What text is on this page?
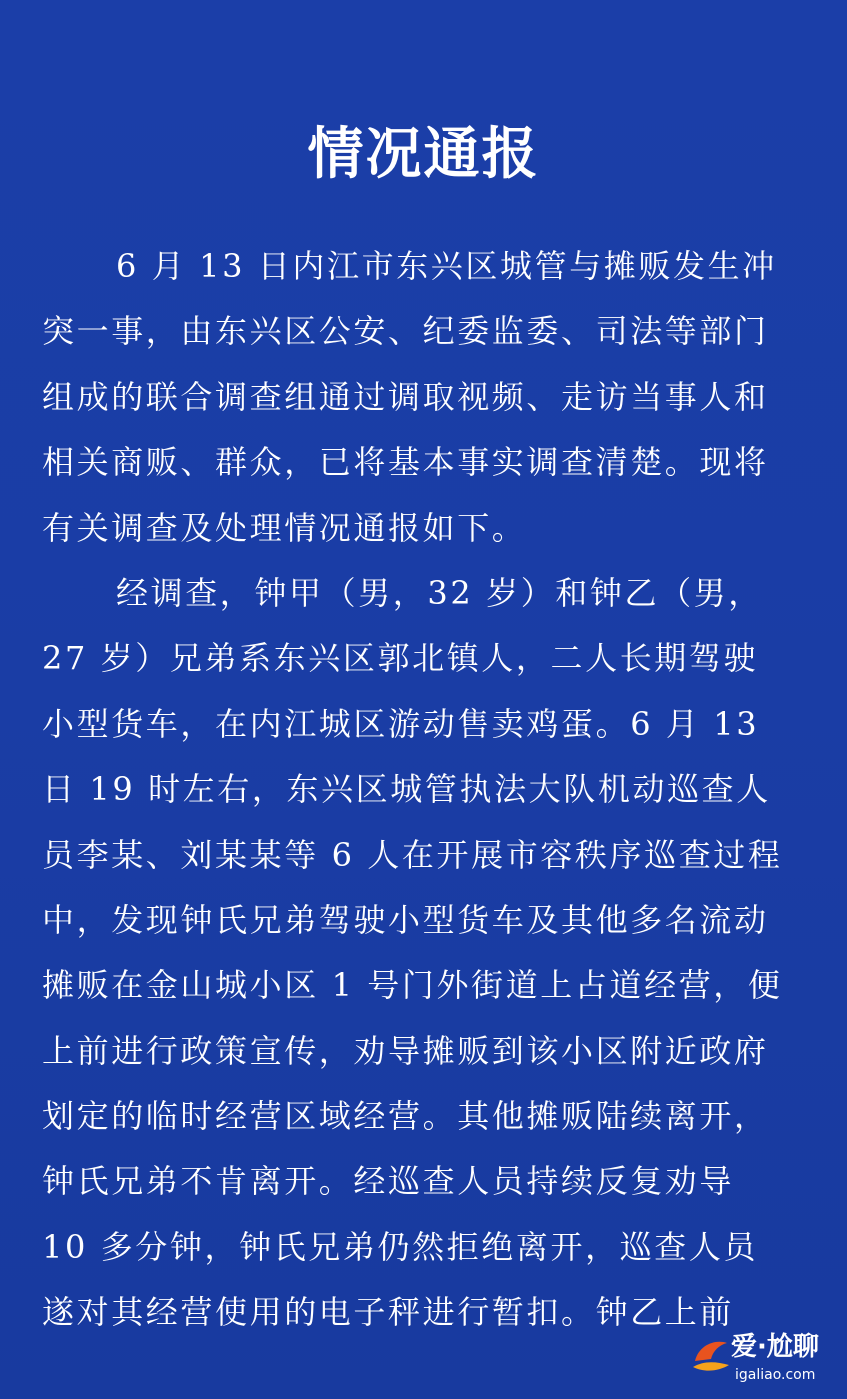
情况通报
6 月 13 日内江市东兴区城管与摊贩发生冲
突一事，由东兴区公安、纪委监委、司法等部门
组成的联合调查组通过调取视频、走访当事人和
相关商贩、群众，已将基本事实调查清楚。现将
有关调查及处理情况通报如下。
经调查，钟甲（男，32 岁）和钟乙（男，
27 岁）兄弟系东兴区郭北镇人，二人长期驾驶
小型货车，在内江城区游动售卖鸡蛋。6 月 13
日 19 时左右，东兴区城管执法大队机动巡查人
员李某、刘某某等 6 人在开展市容秩序巡查过程
中，发现钟氏兄弟驾驶小型货车及其他多名流动
摊贩在金山城小区 1 号门外街道上占道经营，便
上前进行政策宣传，劝导摊贩到该小区附近政府
划定的临时经营区域经营。其他摊贩陆续离开，
钟氏兄弟不肯离开。经巡查人员持续反复劝导
10 多分钟，钟氏兄弟仍然拒绝离开，巡查人员
遂对其经营使用的电子秤进行暂扣。钟乙上前
爱·尬聊
igaliao.com
